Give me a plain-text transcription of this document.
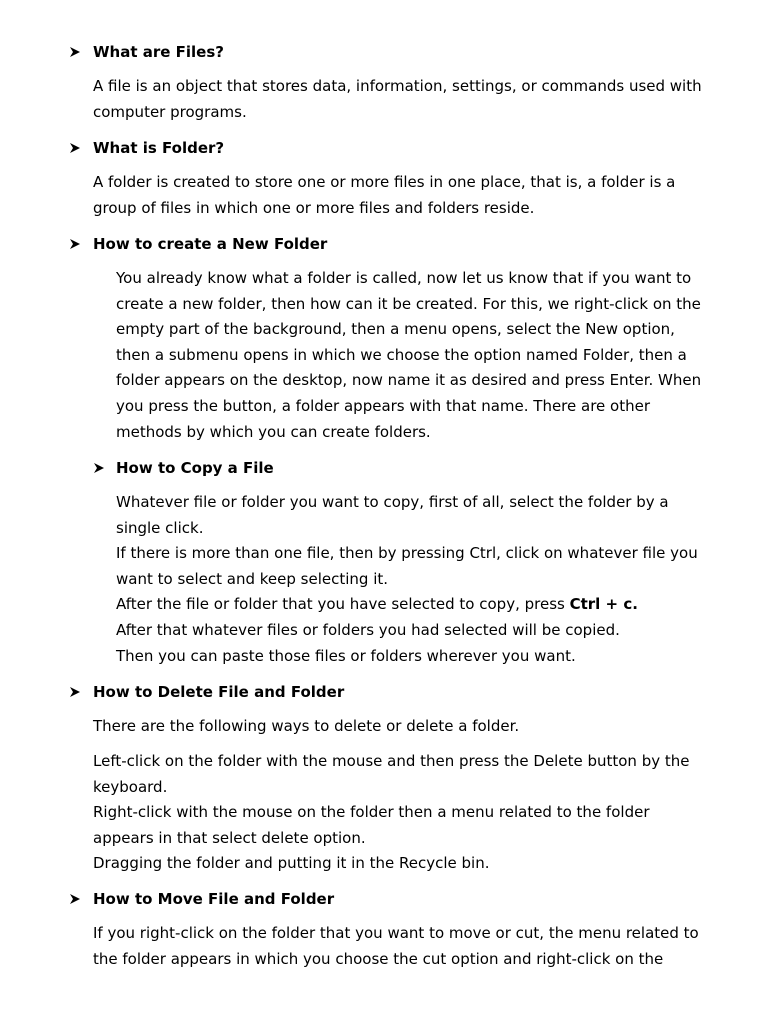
What are Files?

A file is an object that stores data, information, settings, or commands used with

computer programs.

What is Folder?

A folder is created to store one or more files in one place, that is, a folder is a

group of files in which one or more files and folders reside.

How to create a New Folder

You already know what a folder is called, now let us know that if you want to

create a new folder, then how can it be created. For this, we right-click on the

empty part of the background, then a menu opens, select the New option,

then a submenu opens in which we choose the option named Folder, then a

folder appears on the desktop, now name it as desired and press Enter. When

you press the button, a folder appears with that name. There are other

methods by which you can create folders.

How to Copy a File

Whatever file or folder you want to copy, first of all, select the folder by a

single click.

If there is more than one file, then by pressing Ctrl, click on whatever file you

want to select and keep selecting it.

After the file or folder that you have selected to copy, press Ctrl + c.

After that whatever files or folders you had selected will be copied.

Then you can paste those files or folders wherever you want.

How to Delete File and Folder

There are the following ways to delete or delete a folder.

Left-click on the folder with the mouse and then press the Delete button by the

keyboard.

Right-click with the mouse on the folder then a menu related to the folder

appears in that select delete option.

Dragging the folder and putting it in the Recycle bin.

How to Move File and Folder

If you right-click on the folder that you want to move or cut, the menu related to

the folder appears in which you choose the cut option and right-click on the
